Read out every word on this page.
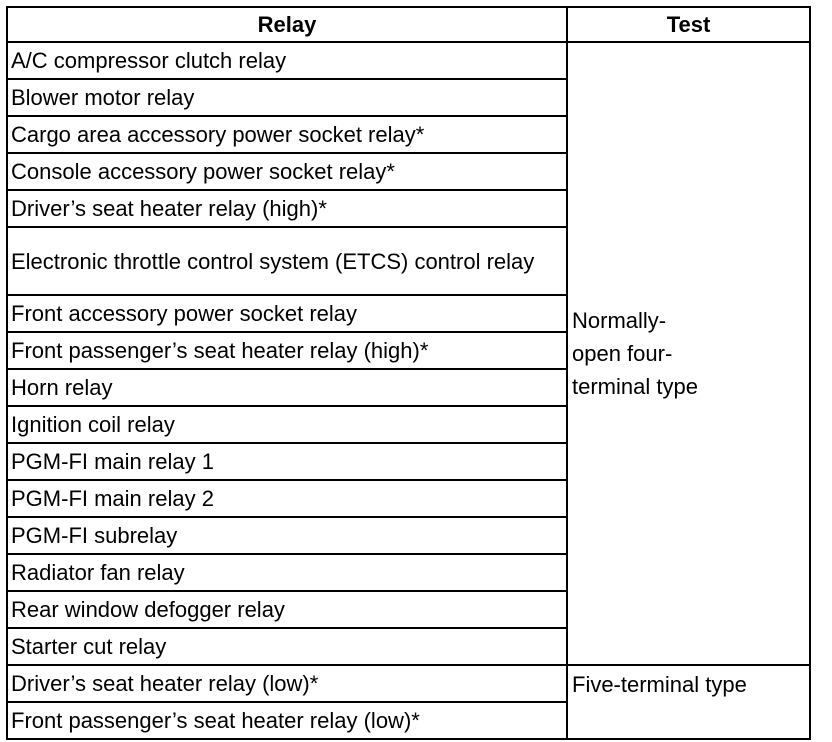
Relay	Test
A/C compressor clutch relay	Normally-
open four-
terminal type
Blower motor relay	
Cargo area accessory power socket relay*	
Console accessory power socket relay*	
Driver’s seat heater relay (high)*	
Electronic throttle control system (ETCS) control relay	
Front accessory power socket relay	
Front passenger’s seat heater relay (high)*	
Horn relay	
Ignition coil relay	
PGM-FI main relay 1	
PGM-FI main relay 2	
PGM-FI subrelay	
Radiator fan relay	
Rear window defogger relay	
Starter cut relay	
Driver’s seat heater relay (low)*	Five-terminal type
Front passenger’s seat heater relay (low)*	
